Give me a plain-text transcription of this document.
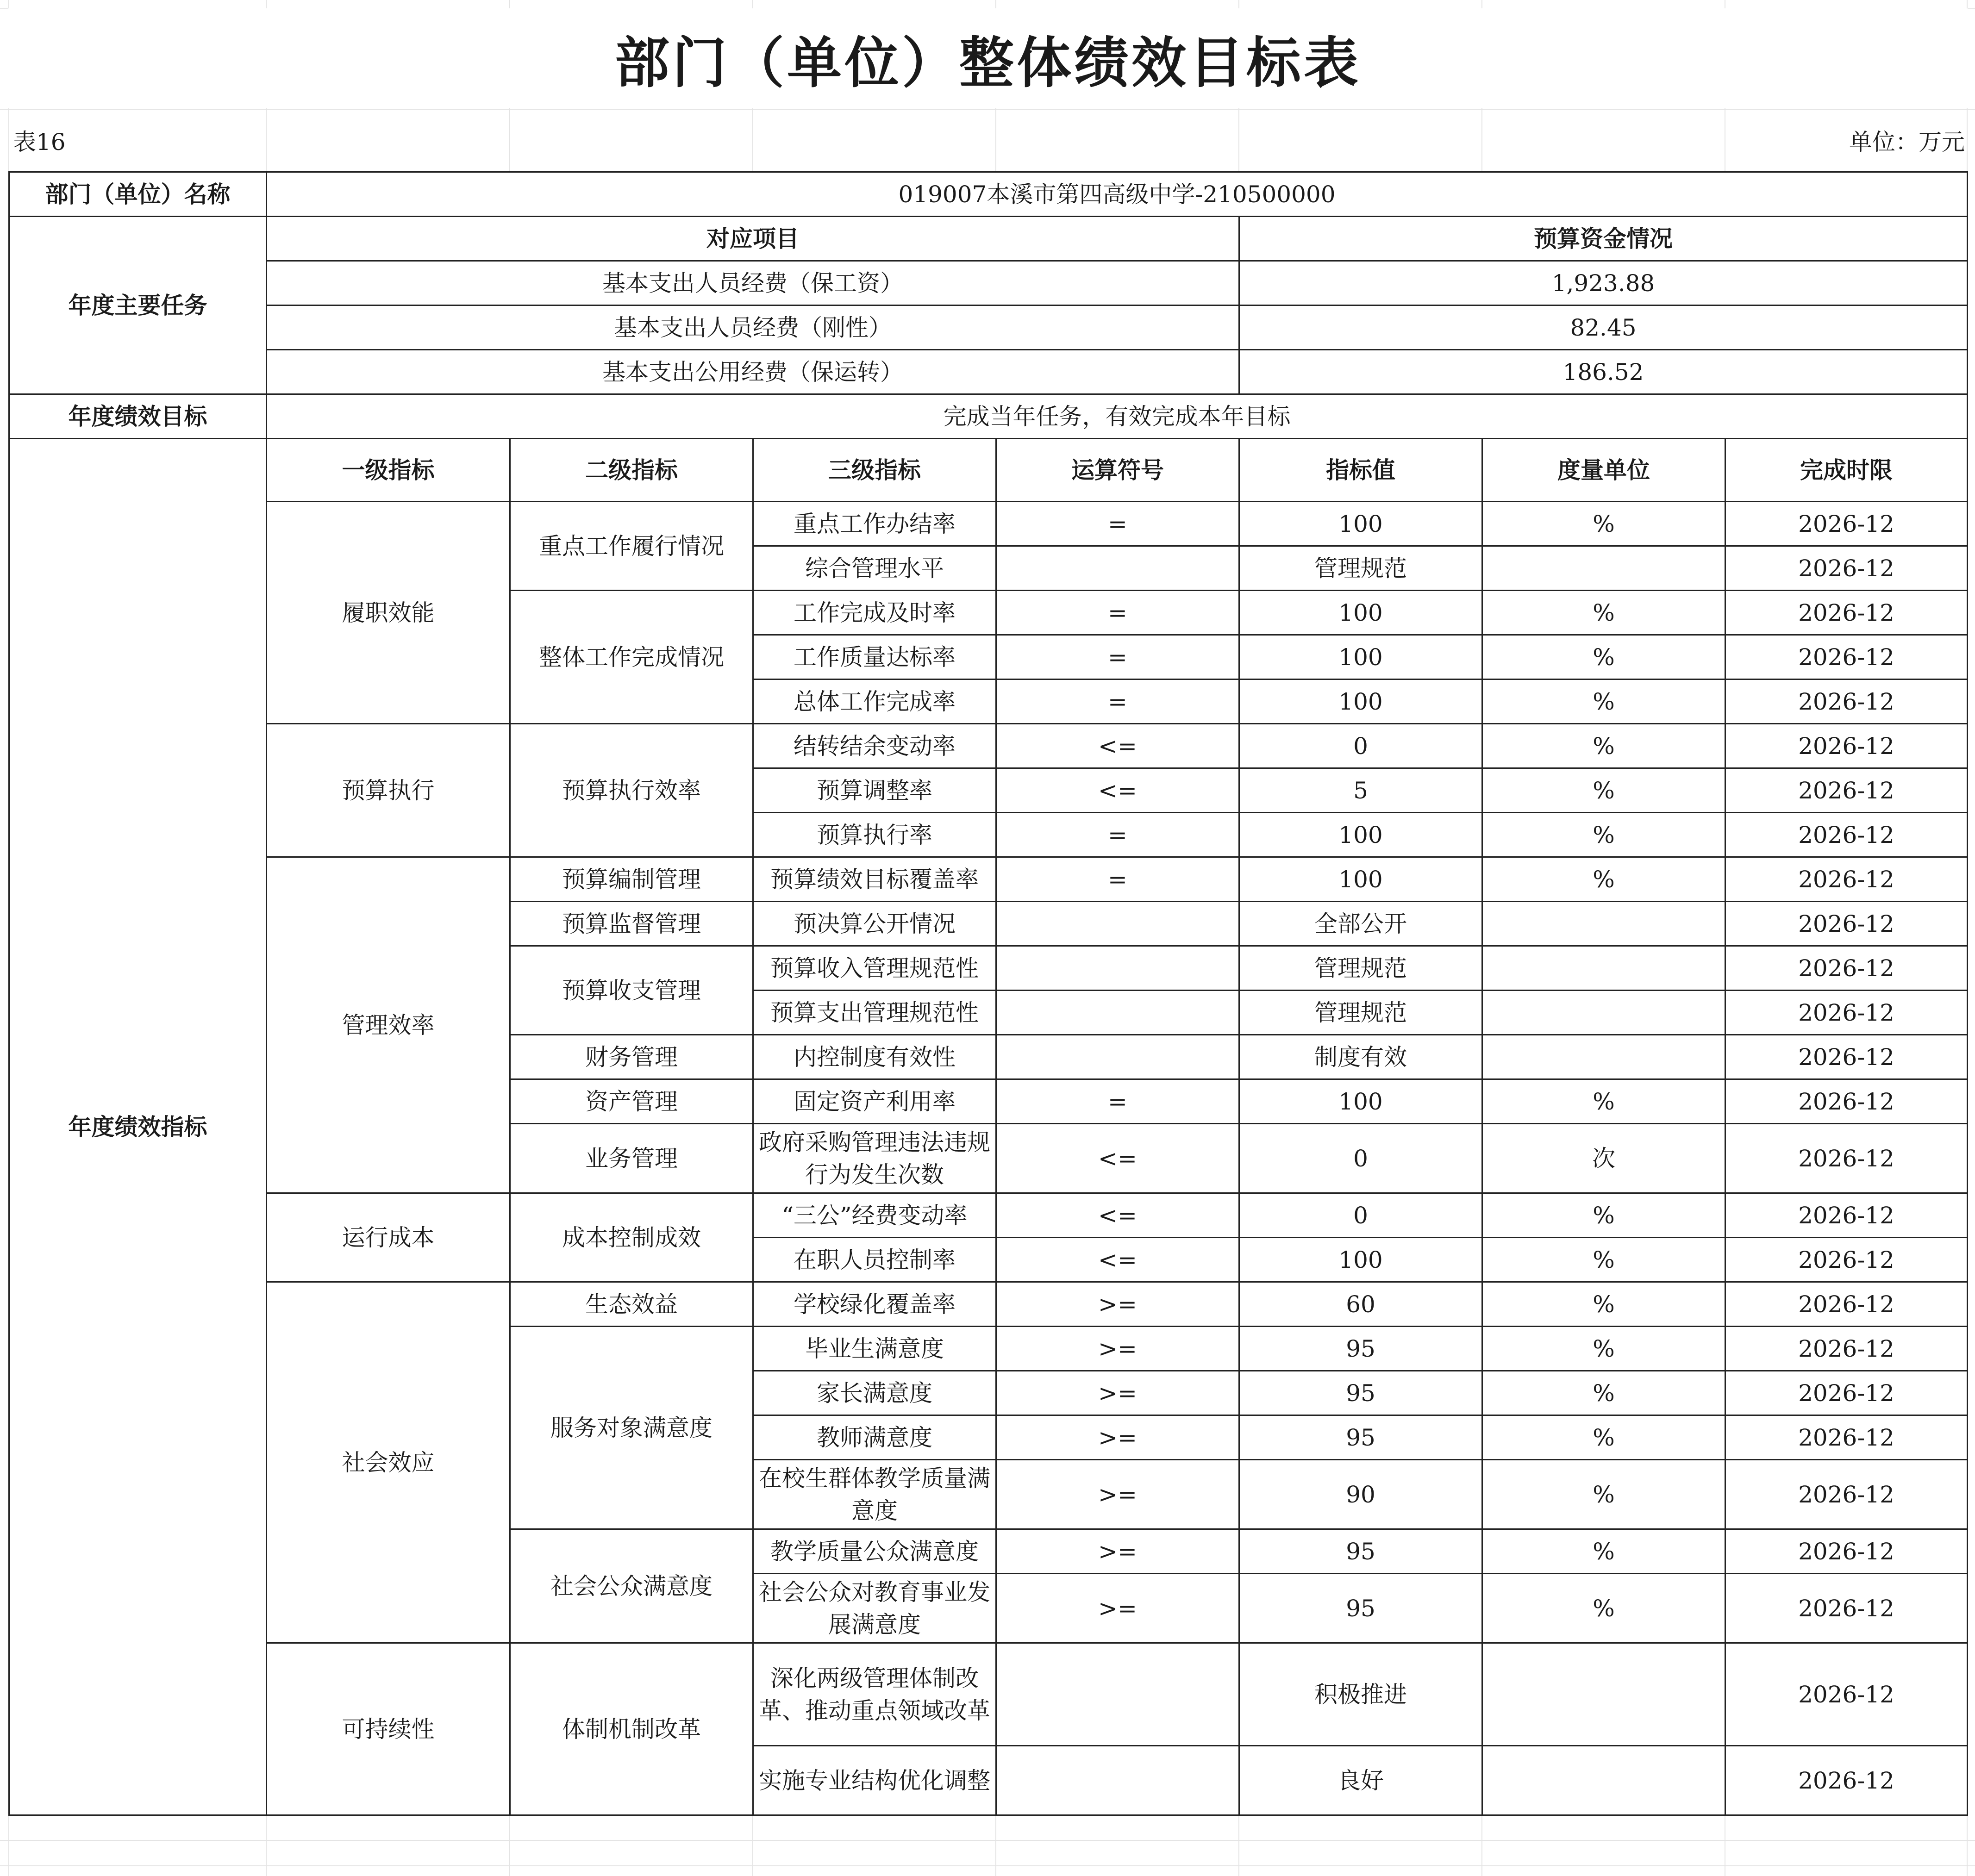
部门（单位）整体绩效目标表
表16	单位：万元
部门（单位）名称	019007本溪市第四高级中学-210500000						
年度主要任务	对应项目				预算资金情况		
	基本支出人员经费（保工资）				1,923.88		
	基本支出人员经费（刚性）				82.45		
	基本支出公用经费（保运转）				186.52		
年度绩效目标	完成当年任务，有效完成本年目标						
年度绩效指标	一级指标	二级指标	三级指标	运算符号	指标值	度量单位	完成时限
	履职效能	重点工作履行情况	重点工作办结率	=	100	%	2026-12
			综合管理水平		管理规范		2026-12
		整体工作完成情况	工作完成及时率	=	100	%	2026-12
			工作质量达标率	=	100	%	2026-12
			总体工作完成率	=	100	%	2026-12
	预算执行	预算执行效率	结转结余变动率	<=	0	%	2026-12
			预算调整率	<=	5	%	2026-12
			预算执行率	=	100	%	2026-12
	管理效率	预算编制管理	预算绩效目标覆盖率	=	100	%	2026-12
		预算监督管理	预决算公开情况		全部公开		2026-12
		预算收支管理	预算收入管理规范性		管理规范		2026-12
			预算支出管理规范性		管理规范		2026-12
		财务管理	内控制度有效性		制度有效		2026-12
		资产管理	固定资产利用率	=	100	%	2026-12
		业务管理	政府采购管理违法违规行为发生次数	<=	0	次	2026-12
	运行成本	成本控制成效	“三公”经费变动率	<=	0	%	2026-12
			在职人员控制率	<=	100	%	2026-12
	社会效应	生态效益	学校绿化覆盖率	>=	60	%	2026-12
		服务对象满意度	毕业生满意度	>=	95	%	2026-12
			家长满意度	>=	95	%	2026-12
			教师满意度	>=	95	%	2026-12
			在校生群体教学质量满意度	>=	90	%	2026-12
		社会公众满意度	教学质量公众满意度	>=	95	%	2026-12
			社会公众对教育事业发展满意度	>=	95	%	2026-12
	可持续性	体制机制改革	深化两级管理体制改革、推动重点领域改革		积极推进		2026-12
			实施专业结构优化调整		良好		2026-12
